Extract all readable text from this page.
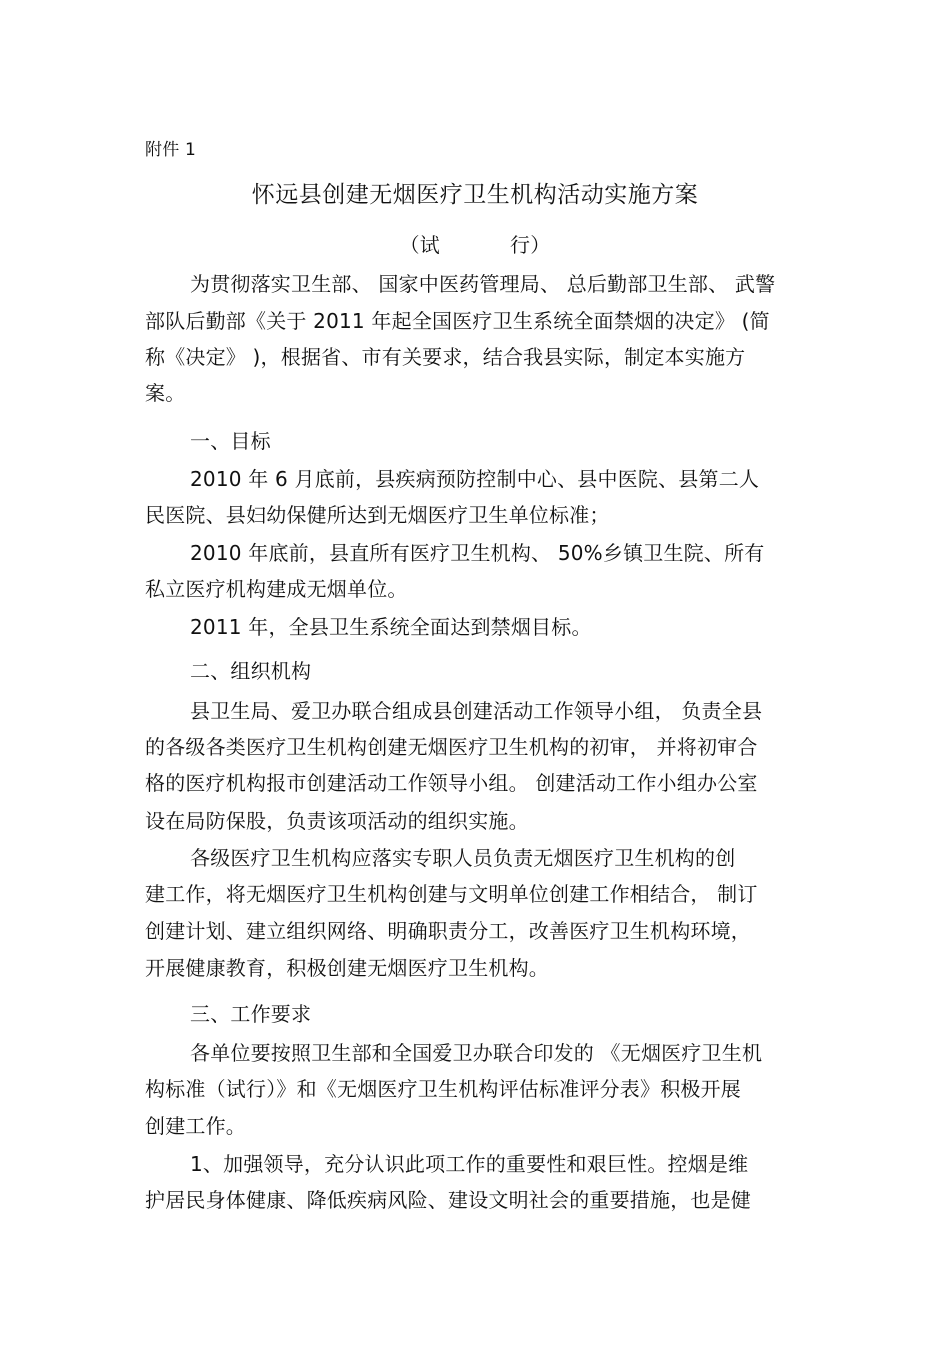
附件 1
怀远县创建无烟医疗卫生机构活动实施方案
（试	行）
为贯彻落实卫生部、 国家中医药管理局、 总后勤部卫生部、 武警
部队后勤部《关于 2011 年起全国医疗卫生系统全面禁烟的决定》 (简
称《决定》 )，根据省、市有关要求，结合我县实际，制定本实施方
案。
一、目标
2010 年 6 月底前，县疾病预防控制中心、县中医院、县第二人
民医院、县妇幼保健所达到无烟医疗卫生单位标准；
2010 年底前，县直所有医疗卫生机构、 50%乡镇卫生院、所有
私立医疗机构建成无烟单位。
2011 年，全县卫生系统全面达到禁烟目标。
二、组织机构
县卫生局、爱卫办联合组成县创建活动工作领导小组， 负责全县
的各级各类医疗卫生机构创建无烟医疗卫生机构的初审， 并将初审合
格的医疗机构报市创建活动工作领导小组。 创建活动工作小组办公室
设在局防保股，负责该项活动的组织实施。
各级医疗卫生机构应落实专职人员负责无烟医疗卫生机构的创
建工作，将无烟医疗卫生机构创建与文明单位创建工作相结合， 制订
创建计划、建立组织网络、明确职责分工，改善医疗卫生机构环境，
开展健康教育，积极创建无烟医疗卫生机构。
三、工作要求
各单位要按照卫生部和全国爱卫办联合印发的 《无烟医疗卫生机
构标准（试行）》和《无烟医疗卫生机构评估标准评分表》积极开展
创建工作。
1、加强领导，充分认识此项工作的重要性和艰巨性。控烟是维
护居民身体健康、降低疾病风险、建设文明社会的重要措施，也是健
